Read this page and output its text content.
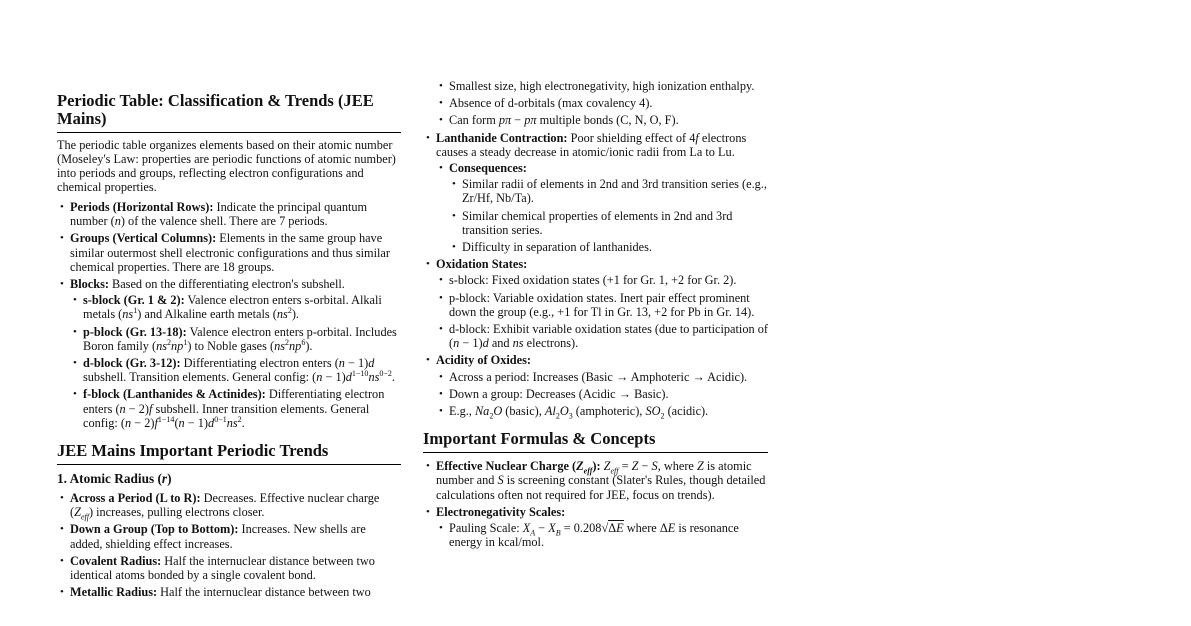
Periodic Table: Classification & Trends (JEE Mains)

The periodic table organizes elements based on their atomic number (Moseley's Law: properties are periodic functions of atomic number) into periods and groups, reflecting electron configurations and chemical properties.

• Periods (Horizontal Rows): Indicate the principal quantum number (n) of the valence shell. There are 7 periods.
• Groups (Vertical Columns): Elements in the same group have similar outermost shell electronic configurations and thus similar chemical properties. There are 18 groups.
• Blocks: Based on the differentiating electron's subshell.
• s-block (Gr. 1 & 2): Valence electron enters s-orbital. Alkali metals $(ns^1)$ and Alkaline earth metals $(ns^2)$.
• p-block (Gr. 13-18): Valence electron enters p-orbital. Includes Boron family $(ns^2np^1)$ to Noble gases $(ns^2np^6)$.
• d-block (Gr. 3-12): Differentiating electron enters (n − 1)d subshell. Transition elements. General config: $(n - 1)d^{1-10}ns^{0-2}$.
• f-block (Lanthanides & Actinides): Differentiating electron enters (n − 2)f subshell. Inner transition elements. General config: $(n - 2)f^{1-14}(n - 1)d^{0-1}ns^2$.
JEE Mains Important Periodic Trends
1. Atomic Radius (r)
• Across a Period (L to R): Decreases. Effective nuclear charge $(Z_{eff})$ increases, pulling electrons closer.
• Down a Group (Top to Bottom): Increases. New shells are added, shielding effect increases.
• Covalent Radius: Half the internuclear distance between two identical atoms bonded by a single covalent bond.
• Metallic Radius: Half the internuclear distance between two
• Smallest size, high electronegativity, high ionization enthalpy.
• Absence of d-orbitals (max covalency 4).
• Can form pπ − pπ multiple bonds (C, N, O, F).
• Lanthanide Contraction: Poor shielding effect of 4f electrons causes a steady decrease in atomic/ionic radii from La to Lu.
• Consequences:
• Similar radii of elements in 2nd and 3rd transition series (e.g., Zr/Hf, Nb/Ta).
• Similar chemical properties of elements in 2nd and 3rd transition series.
• Difficulty in separation of lanthanides.
• Oxidation States:
• s-block: Fixed oxidation states (+1 for Gr. 1, +2 for Gr. 2).
• p-block: Variable oxidation states. Inert pair effect prominent down the group (e.g., +1 for Tl in Gr. 13, +2 for Pb in Gr. 14).
• d-block: Exhibit variable oxidation states (due to participation of (n − 1)d and ns electrons).
• Acidity of Oxides:
• Across a period: Increases (Basic → Amphoteric → Acidic).
• Down a group: Decreases (Acidic → Basic).
• E.g., $Na_2O$ (basic), $Al_2O_3$ (amphoteric), $SO_2$ (acidic).
Important Formulas & Concepts
• Effective Nuclear Charge $(Z_{eff})$: $Z_{eff} = Z - S$, where Z is atomic number and S is screening constant (Slater's Rules, though detailed calculations often not required for JEE, focus on trends).
• Electronegativity Scales:
• Pauling Scale: $X_A - X_B = 0.208√\Delta E$ where ΔE is resonance energy in kcal/mol.
